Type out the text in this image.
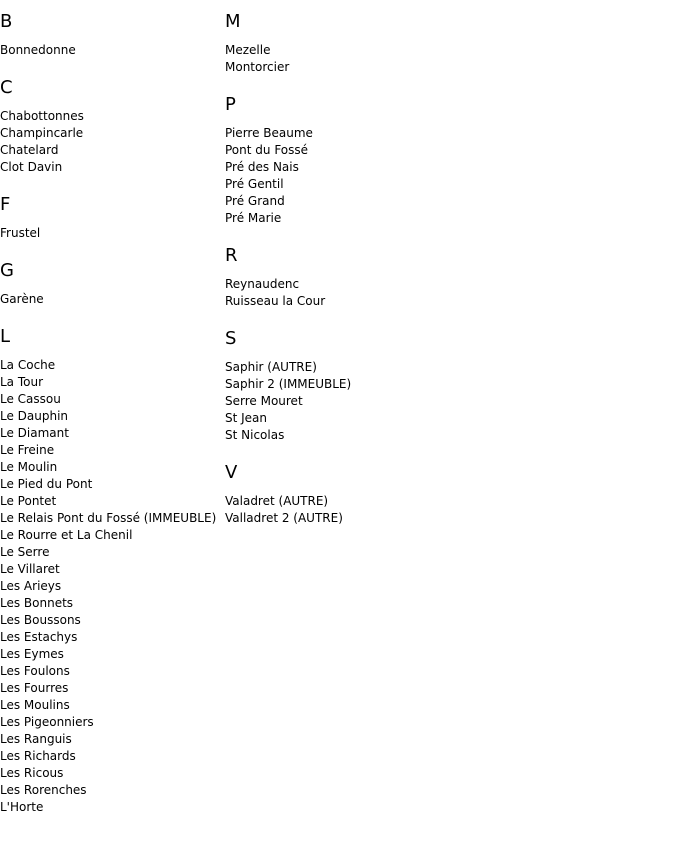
B
Bonnedonne
C
Chabottonnes
Champincarle
Chatelard
Clot Davin
F
Frustel
G
Garène
L
La Coche
La Tour
Le Cassou
Le Dauphin
Le Diamant
Le Freine
Le Moulin
Le Pied du Pont
Le Pontet
Le Relais Pont du Fossé (IMMEUBLE)
Le Rourre et La Chenil
Le Serre
Le Villaret
Les Arieys
Les Bonnets
Les Boussons
Les Estachys
Les Eymes
Les Foulons
Les Fourres
Les Moulins
Les Pigeonniers
Les Ranguis
Les Richards
Les Ricous
Les Rorenches
L'Horte
M
Mezelle
Montorcier
P
Pierre Beaume
Pont du Fossé
Pré des Nais
Pré Gentil
Pré Grand
Pré Marie
R
Reynaudenc
Ruisseau la Cour
S
Saphir (AUTRE)
Saphir 2 (IMMEUBLE)
Serre Mouret
St Jean
St Nicolas
V
Valadret (AUTRE)
Valladret 2 (AUTRE)
